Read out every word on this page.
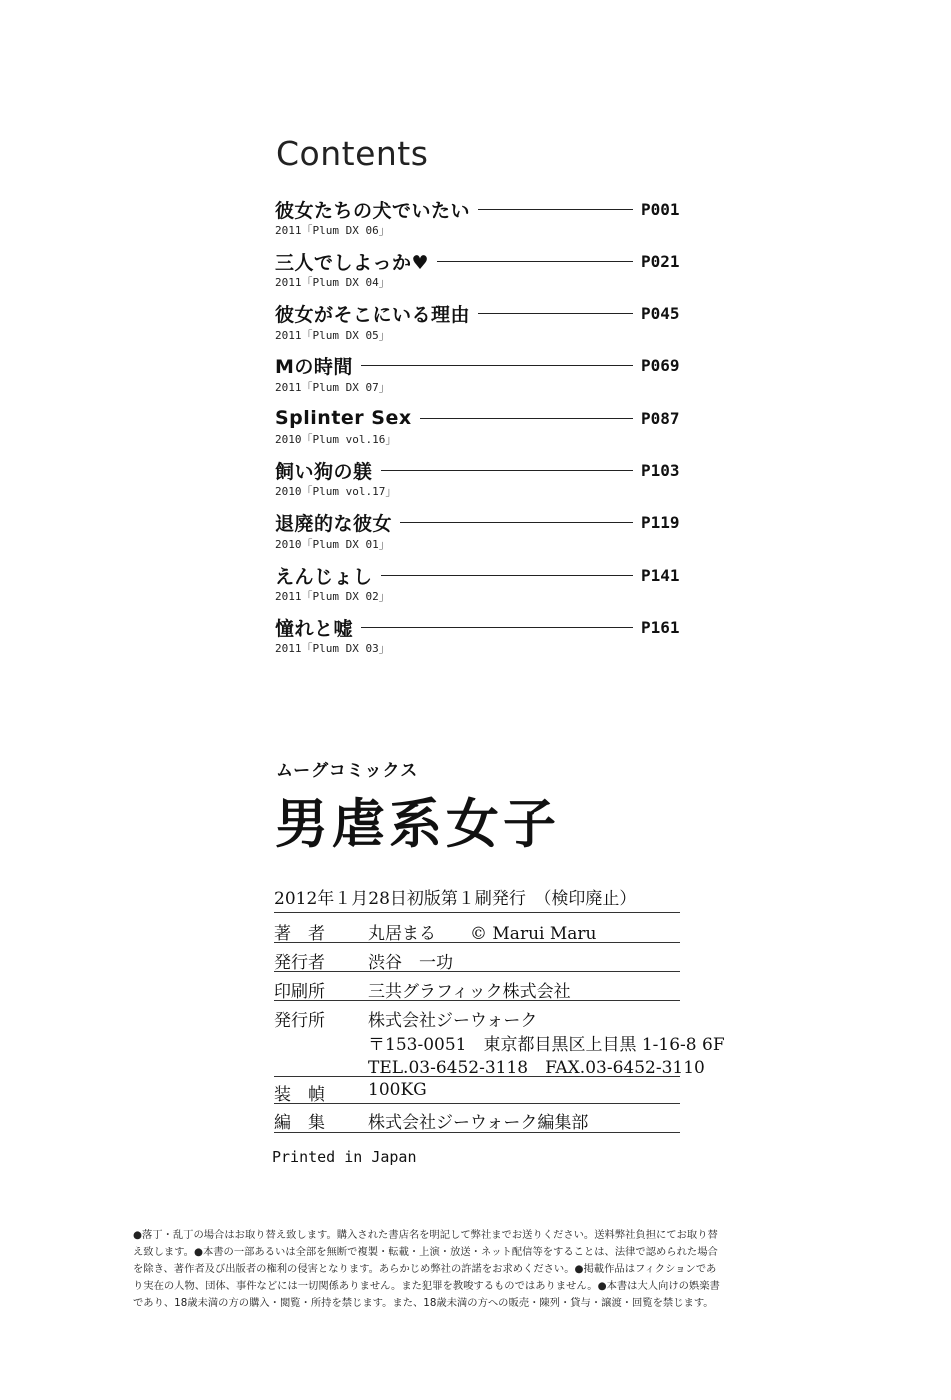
Contents
彼女たちの犬でいたい	P001
2011「Plum DX 06」
三人でしよっか♥	P021
2011「Plum DX 04」
彼女がそこにいる理由	P045
2011「Plum DX 05」
Mの時間	P069
2011「Plum DX 07」
Splinter Sex	P087
2010「Plum vol.16」
飼い狗の躾	P103
2010「Plum vol.17」
退廃的な彼女	P119
2010「Plum DX 01」
えんじょし	P141
2011「Plum DX 02」
憧れと嘘	P161
2011「Plum DX 03」
ムーグコミックス
男虐系女子
2012年１月28日初版第１刷発行　（検印廃止）
著　者	丸居まる　　© Marui Maru
発行者	渋谷　一功
印刷所	三共グラフィック株式会社
発行所	株式会社ジーウォーク
〒153-0051　東京都目黒区上目黒 1-16-8 6F
TEL.03-6452-3118　FAX.03-6452-3110
装　幀	100KG
編　集	株式会社ジーウォーク編集部
Printed in Japan
●落丁・乱丁の場合はお取り替え致します。購入された書店名を明記して弊社までお送りください。送料弊社負担にてお取り替
え致します。●本書の一部あるいは全部を無断で複製・転載・上演・放送・ネット配信等をすることは、法律で認められた場合
を除き、著作者及び出版者の権利の侵害となります。あらかじめ弊社の許諾をお求めください。●掲載作品はフィクションであ
り実在の人物、団体、事件などには一切関係ありません。また犯罪を教唆するものではありません。●本書は大人向けの娯楽書
であり、18歳未満の方の購入・閲覧・所持を禁じます。また、18歳未満の方への販売・陳列・貸与・譲渡・回覧を禁じます。
